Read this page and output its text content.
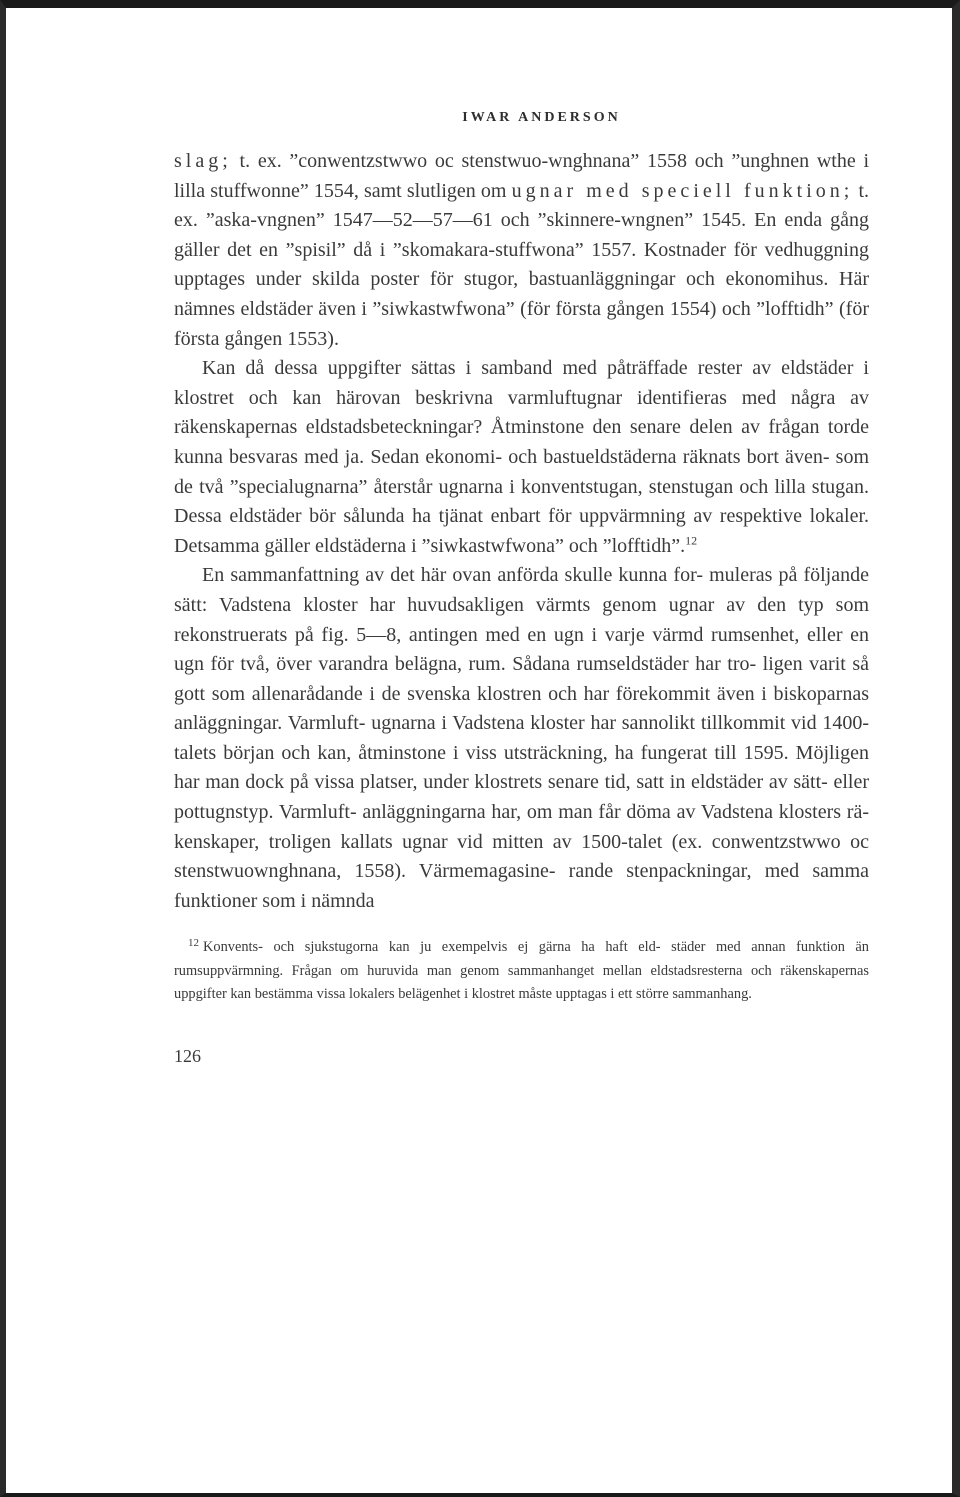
IWAR ANDERSON

slag; t. ex. ”conwentzstwwo oc stenstwuo-wnghnana” 1558 och ”unghnen wthe i lilla stuffwonne” 1554, samt slutligen om ugnar med speciell funktion; t. ex. ”aska-vngnen” 1547—52—57—61 och ”skinnere-wngnen” 1545. En enda gång gäller det en ”spisil” då i ”skomakara-stuffwona” 1557. Kostnader för vedhuggning upptages under skilda poster för stugor, bastuanläggningar och ekonomihus. Här nämnes eldstäder även i ”siwkastwfwona” (för första gången 1554) och ”lofftidh” (för första gången 1553).

Kan då dessa uppgifter sättas i samband med påträffade rester av eldstäder i klostret och kan härovan beskrivna varmluftugnar identifieras med några av räkenskapernas eldstadsbeteckningar? Åtminstone den senare delen av frågan torde kunna besvaras med ja. Sedan ekonomi- och bastueldstäderna räknats bort även- som de två ”specialugnarna” återstår ugnarna i konventstugan, stenstugan och lilla stugan. Dessa eldstäder bör sålunda ha tjänat enbart för uppvärmning av respektive lokaler. Detsamma gäller eldstäderna i ”siwkastwfwona” och ”lofftidh”.$^{12}$

En sammanfattning av det här ovan anförda skulle kunna for- muleras på följande sätt: Vadstena kloster har huvudsakligen värmts genom ugnar av den typ som rekonstruerats på fig. 5—8, antingen med en ugn i varje värmd rumsenhet, eller en ugn för två, över varandra belägna, rum. Sådana rumseldstäder har tro- ligen varit så gott som allenarådande i de svenska klostren och har förekommit även i biskoparnas anläggningar. Varmluft- ugnarna i Vadstena kloster har sannolikt tillkommit vid 1400- talets början och kan, åtminstone i viss utsträckning, ha fungerat till 1595. Möjligen har man dock på vissa platser, under klostrets senare tid, satt in eldstäder av sätt- eller pottugnstyp. Varmluft- anläggningarna har, om man får döma av Vadstena klosters rä- kenskaper, troligen kallats ugnar vid mitten av 1500-talet (ex. conwentzstwwo oc stenstwuownghnana, 1558). Värmemagasine- rande stenpackningar, med samma funktioner som i nämnda

$^{12}$ Konvents- och sjukstugorna kan ju exempelvis ej gärna ha haft eld- städer med annan funktion än rumsuppvärmning. Frågan om huruvida man genom sammanhanget mellan eldstadsresterna och räkenskapernas uppgifter kan bestämma vissa lokalers belägenhet i klostret måste upptagas i ett större sammanhang.
126
